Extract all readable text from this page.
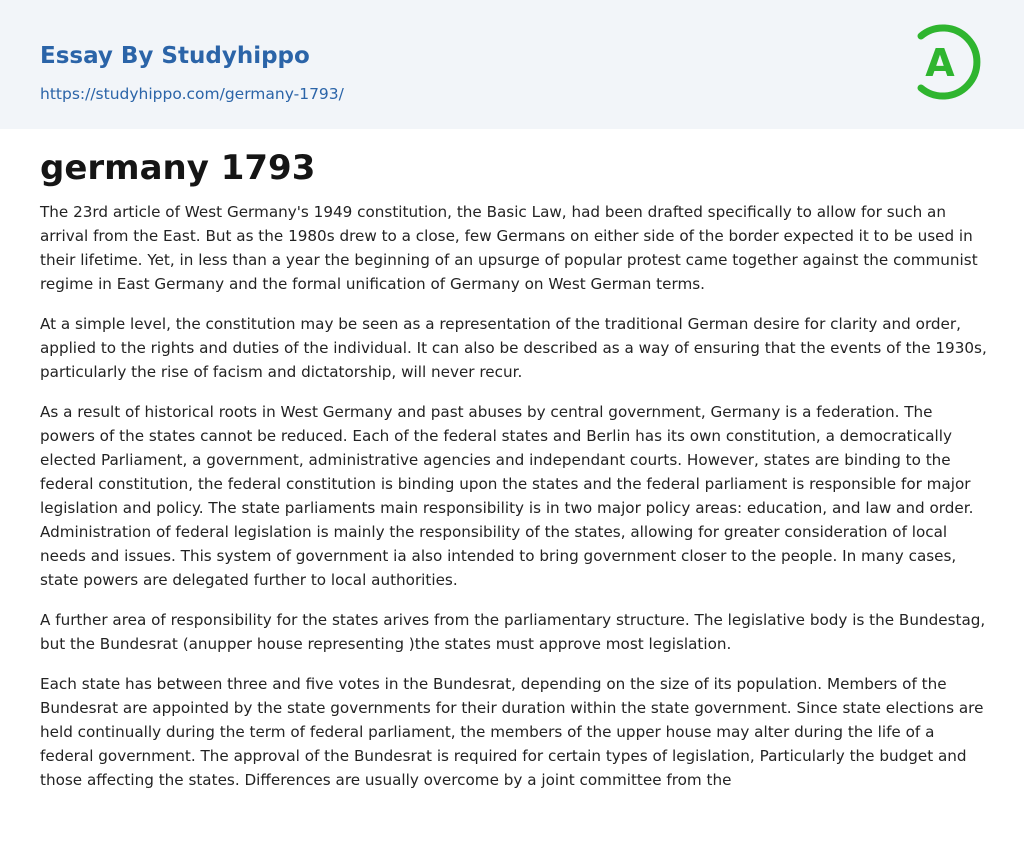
Essay By Studyhippo
https://studyhippo.com/germany-1793/
A
germany 1793

The 23rd article of West Germany's 1949 constitution, the Basic Law, had been drafted specifically to allow for such an arrival from the East. But as the 1980s drew to a close, few Germans on either side of the border expected it to be used in their lifetime. Yet, in less than a year the beginning of an upsurge of popular protest came together against the communist regime in East Germany and the formal unification of Germany on West German terms.

At a simple level, the constitution may be seen as a representation of the traditional German desire for clarity and order, applied to the rights and duties of the individual. It can also be described as a way of ensuring that the events of the 1930s, particularly the rise of facism and dictatorship, will never recur.

As a result of historical roots in West Germany and past abuses by central government, Germany is a federation. The powers of the states cannot be reduced. Each of the federal states and Berlin has its own constitution, a democratically elected Parliament, a government, administrative agencies and independant courts. However, states are binding to the federal constitution, the federal constitution is binding upon the states and the federal parliament is responsible for major legislation and policy. The state parliaments main responsibility is in two major policy areas: education, and law and order. Administration of federal legislation is mainly the responsibility of the states, allowing for greater consideration of local needs and issues. This system of government ia also intended to bring government closer to the people. In many cases, state powers are delegated further to local authorities.

A further area of responsibility for the states arives from the parliamentary structure. The legislative body is the Bundestag, but the Bundesrat (anupper house representing )the states must approve most legislation.

Each state has between three and five votes in the Bundesrat, depending on the size of its population. Members of the Bundesrat are appointed by the state governments for their duration within the state government. Since state elections are held continually during the term of federal parliament, the members of the upper house may alter during the life of a federal government. The approval of the Bundesrat is required for certain types of legislation, Particularly the budget and those affecting the states. Differences are usually overcome by a joint committee from the
